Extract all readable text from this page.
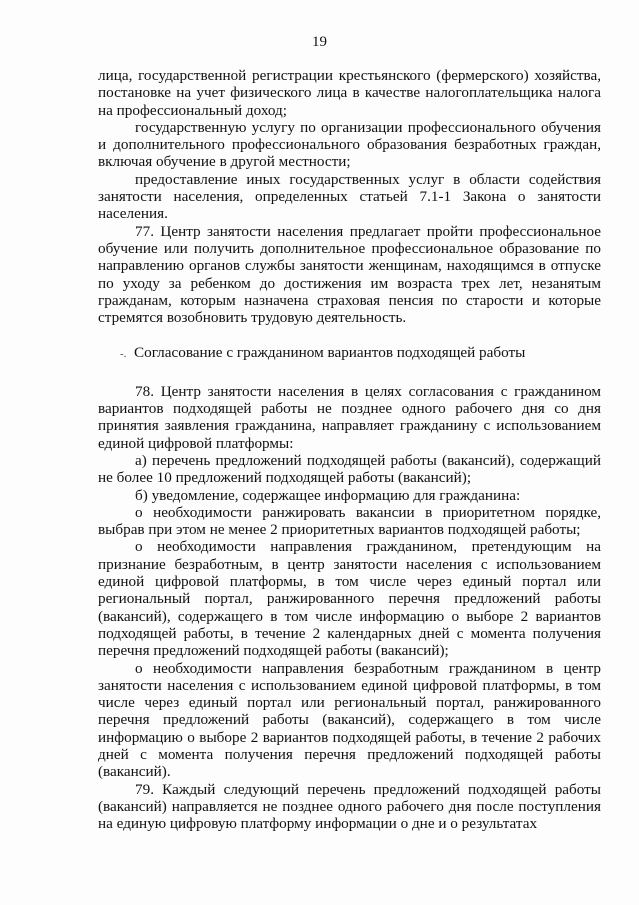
19

лица, государственной регистрации крестьянского (фермерского) хозяйства, постановке на учет физического лица в качестве налогоплательщика налога на профессиональный доход;

государственную услугу по организации профессионального обучения и дополнительного профессионального образования безработных граждан, включая обучение в другой местности;

предоставление иных государственных услуг в области содействия занятости населения, определенных статьей 7.1-1 Закона о занятости населения.

77. Центр занятости населения предлагает пройти профессиональное обучение или получить дополнительное профессиональное образование по направлению органов службы занятости женщинам, находящимся в отпуске по уходу за ребенком до достижения им возраста трех лет, незанятым гражданам, которым назначена страховая пенсия по старости и которые стремятся возобновить трудовую деятельность.

-. Согласование с гражданином вариантов подходящей работы

78. Центр занятости населения в целях согласования с гражданином вариантов подходящей работы не позднее одного рабочего дня со дня принятия заявления гражданина, направляет гражданину с использованием единой цифровой платформы:

а) перечень предложений подходящей работы (вакансий), содержащий не более 10 предложений подходящей работы (вакансий);

б) уведомление, содержащее информацию для гражданина:

о необходимости ранжировать вакансии в приоритетном порядке, выбрав при этом не менее 2 приоритетных вариантов подходящей работы;

о необходимости направления гражданином, претендующим на признание безработным, в центр занятости населения с использованием единой цифровой платформы, в том числе через единый портал или региональный портал, ранжированного перечня предложений работы (вакансий), содержащего в том числе информацию о выборе 2 вариантов подходящей работы, в течение 2 календарных дней с момента получения перечня предложений подходящей работы (вакансий);

о необходимости направления безработным гражданином в центр занятости населения с использованием единой цифровой платформы, в том числе через единый портал или региональный портал, ранжированного перечня предложений работы (вакансий), содержащего в том числе информацию о выборе 2 вариантов подходящей работы, в течение 2 рабочих дней с момента получения перечня предложений подходящей работы (вакансий).

79. Каждый следующий перечень предложений подходящей работы (вакансий) направляется не позднее одного рабочего дня после поступления на единую цифровую платформу информации о дне и о результатах
